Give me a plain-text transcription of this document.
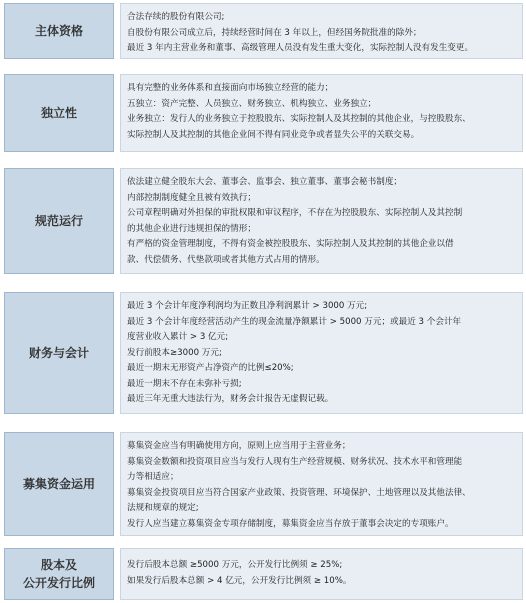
主体资格
合法存续的股份有限公司;
自股份有限公司成立后，持续经营时间在 3 年以上，但经国务院批准的除外；
最近 3 年内主营业务和董事、高级管理人员没有发生重大变化，实际控制人没有发生变更。
独立性
具有完整的业务体系和直接面向市场独立经营的能力；
五独立：资产完整、人员独立、财务独立、机构独立、业务独立；
业务独立：发行人的业务独立于控股股东、实际控制人及其控制的其他企业，与控股股东、
实际控制人及其控制的其他企业间不得有同业竞争或者显失公平的关联交易。
规范运行
依法建立健全股东大会、董事会、监事会、独立董事、董事会秘书制度；
内部控制制度健全且被有效执行；
公司章程明确对外担保的审批权限和审议程序，不存在为控股股东、实际控制人及其控制
的其他企业进行违规担保的情形；
有严格的资金管理制度，不得有资金被控股股东、实际控制人及其控制的其他企业以借
款、代偿债务、代垫款项或者其他方式占用的情形。
财务与会计
最近 3 个会计年度净利润均为正数且净利润累计 > 3000 万元;
最近 3 个会计年度经营活动产生的现金流量净额累计 > 5000 万元；或最近 3 个会计年
度营业收入累计 > 3 亿元;
发行前股本≥3000 万元;
最近一期末无形资产占净资产的比例≤20%;
最近一期末不存在未弥补亏损;
最近三年无重大违法行为，财务会计报告无虚假记载。
募集资金运用
募集资金应当有明确使用方向，原则上应当用于主营业务；
募集资金数额和投资项目应当与发行人现有生产经营规模、财务状况、技术水平和管理能
力等相适应；
募集资金投资项目应当符合国家产业政策、投资管理、环境保护、土地管理以及其他法律、
法规和规章的规定;
发行人应当建立募集资金专项存储制度，募集资金应当存放于董事会决定的专项账户。
股本及
公开发行比例
发行后股本总额 ≥5000 万元，公开发行比例须 ≥ 25%;
如果发行后股本总额 > 4 亿元，公开发行比例须 ≥ 10%。
